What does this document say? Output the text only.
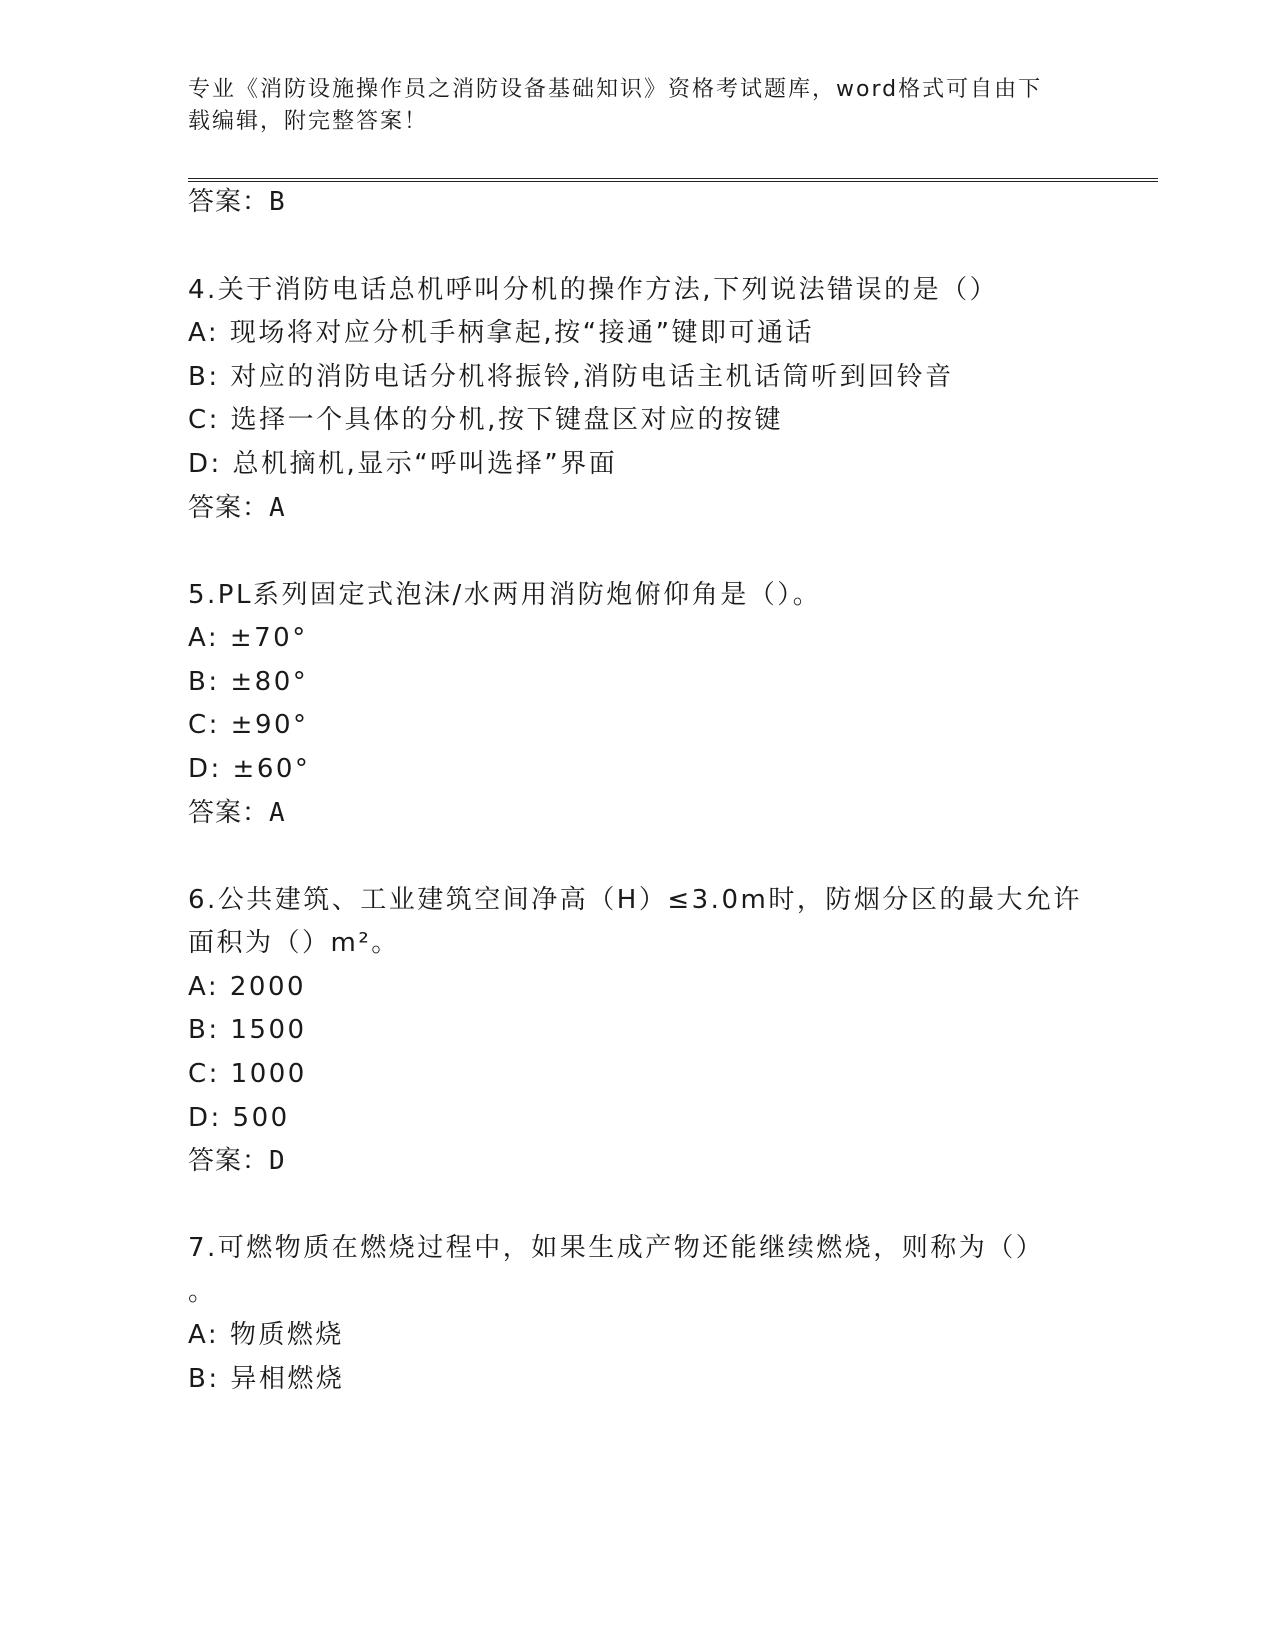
专业《消防设施操作员之消防设备基础知识》资格考试题库，word格式可自由下
载编辑，附完整答案！
答案：B
4.关于消防电话总机呼叫分机的操作方法,下列说法错误的是（）
A: 现场将对应分机手柄拿起,按“接通”键即可通话
B: 对应的消防电话分机将振铃,消防电话主机话筒听到回铃音
C: 选择一个具体的分机,按下键盘区对应的按键
D: 总机摘机,显示“呼叫选择”界面
答案：A
5.PL系列固定式泡沫/水两用消防炮俯仰角是（）。
A: ±70°
B: ±80°
C: ±90°
D: ±60°
答案：A
6.公共建筑、工业建筑空间净高（H）≤3.0m时，防烟分区的最大允许
面积为（）m²。
A: 2000
B: 1500
C: 1000
D: 500
答案：D
7.可燃物质在燃烧过程中，如果生成产物还能继续燃烧，则称为（）
。
A: 物质燃烧
B: 异相燃烧
